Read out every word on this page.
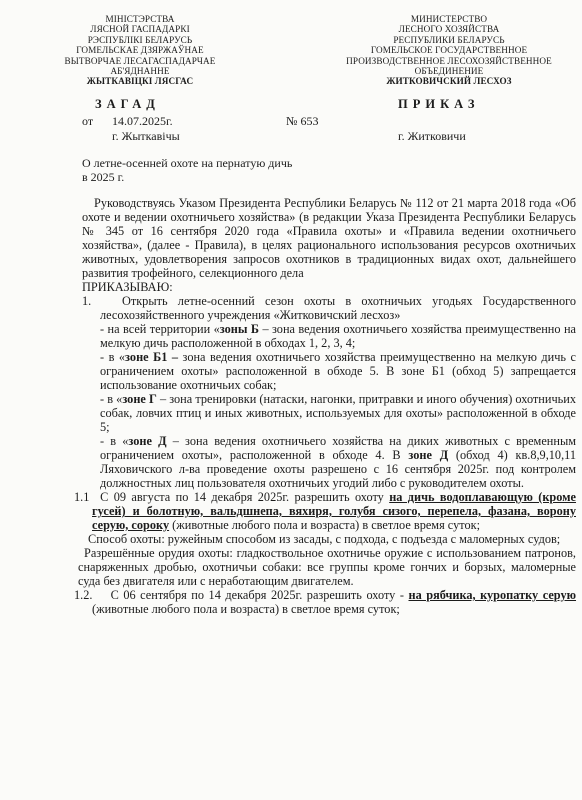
МІНІСТЭРСТВА
ЛЯСНОЙ ГАСПАДАРКІ
РЭСПУБЛІКІ БЕЛАРУСЬ
ГОМЕЛЬСКАЕ ДЗЯРЖАЎНАЕ
ВЫТВОРЧАЕ ЛЕСАГАСПАДАРЧАЕ
АБ'ЯДНАННЕ
ЖЫТКАВІЦКІ ЛЯСГАС
ЗАГАД
от 14.07.2025г.	№ 653
г. Жыткавічы
МИНИСТЕРСТВО
ЛЕСНОГО ХОЗЯЙСТВА
РЕСПУБЛИКИ БЕЛАРУСЬ
ГОМЕЛЬСКОЕ ГОСУДАРСТВЕННОЕ
ПРОИЗВОДСТВЕННОЕ ЛЕСОХОЗЯЙСТВЕННОЕ
ОБЪЕДИНЕНИЕ
ЖИТКОВИЧСКИЙ ЛЕСХОЗ
ПРИКАЗ
г. Житковичи
О летне-осенней охоте на пернатую дичь
в 2025 г.

Руководствуясь Указом Президента Республики Беларусь № 112 от 21 марта 2018 года «Об охоте и ведении охотничьего хозяйства» (в редакции Указа Президента Республики Беларусь № 345 от 16 сентября 2020 года «Правила охоты» и «Правила ведении охотничьего хозяйства», (далее - Правила), в целях рационального использования ресурсов охотничьих животных, удовлетворения запросов охотников в традиционных видах охот, дальнейшего развития трофейного, селекционного дела

ПРИКАЗЫВАЮ:

1. Открыть летне-осенний сезон охоты в охотничьих угодьях Государственного лесохозяйственного учреждения «Житковичский лесхоз»

- на всей территории «зоны Б – зона ведения охотничьего хозяйства преимущественно на мелкую дичь расположенной в обходах 1, 2, 3, 4;

- в «зоне Б1 – зона ведения охотничьего хозяйства преимущественно на мелкую дичь с ограничением охоты» расположенной в обходе 5. В зоне Б1 (обход 5) запрещается использование охотничьих собак;

- в «зоне Г – зона тренировки (натаски, нагонки, притравки и иного обучения) охотничьих собак, ловчих птиц и иных животных, используемых для охоты» расположенной в обходе 5;

- в «зоне Д – зона ведения охотничьего хозяйства на диких животных с временным ограничением охоты», расположенной в обходе 4. В зоне Д (обход 4) кв.8,9,10,11 Ляховичского л-ва проведение охоты разрешено с 16 сентября 2025г. под контролем должностных лиц пользователя охотничьих угодий либо с руководителем охоты.

1.1 С 09 августа по 14 декабря 2025г. разрешить охоту на дичь водоплавающую (кроме гусей) и болотную, вальдшнепа, вяхиря, голубя сизого, перепела, фазана, ворону серую, сороку (животные любого пола и возраста) в светлое время суток;

Способ охоты: ружейным способом из засады, с подхода, с подъезда с маломерных судов;

Разрешённые орудия охоты: гладкоствольное охотничье оружие с использованием патронов, снаряженных дробью, охотничьи собаки: все группы кроме гончих и борзых, маломерные суда без двигателя или с неработающим двигателем.

1.2. С 06 сентября по 14 декабря 2025г. разрешить охоту - на рябчика, куропатку серую (животные любого пола и возраста) в светлое время суток;
